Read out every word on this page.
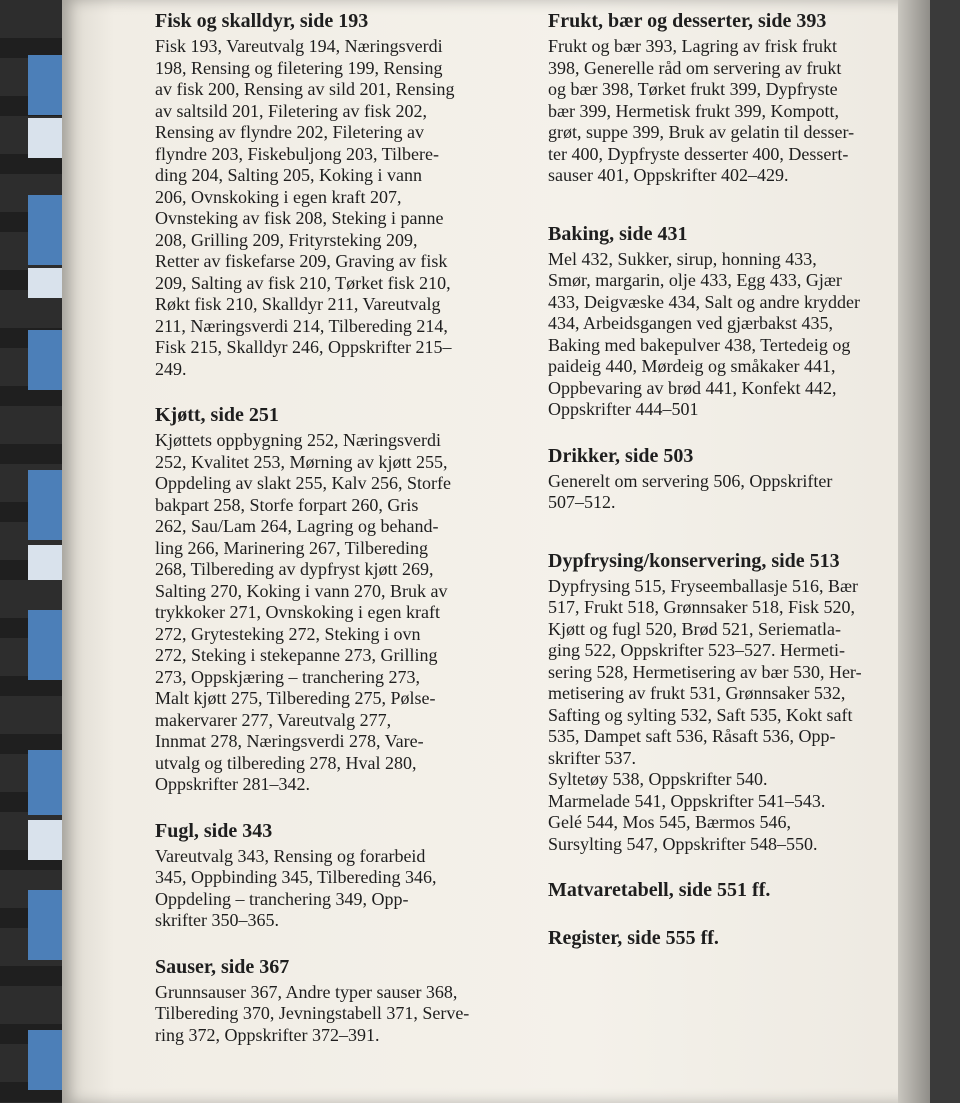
Fisk og skalldyr, side 193

Fisk 193, Vareutvalg 194, Næringsverdi
198, Rensing og filetering 199, Rensing
av fisk 200, Rensing av sild 201, Rensing
av saltsild 201, Filetering av fisk 202,
Rensing av flyndre 202, Filetering av
flyndre 203, Fiskebuljong 203, Tilbere-
ding 204, Salting 205, Koking i vann
206, Ovnskoking i egen kraft 207,
Ovnsteking av fisk 208, Steking i panne
208, Grilling 209, Frityrsteking 209,
Retter av fiskefarse 209, Graving av fisk
209, Salting av fisk 210, Tørket fisk 210,
Røkt fisk 210, Skalldyr 211, Vareutvalg
211, Næringsverdi 214, Tilbereding 214,
Fisk 215, Skalldyr 246, Oppskrifter 215–
249.

Kjøtt, side 251

Kjøttets oppbygning 252, Næringsverdi
252, Kvalitet 253, Mørning av kjøtt 255,
Oppdeling av slakt 255, Kalv 256, Storfe
bakpart 258, Storfe forpart 260, Gris
262, Sau/Lam 264, Lagring og behand-
ling 266, Marinering 267, Tilbereding
268, Tilbereding av dypfryst kjøtt 269,
Salting 270, Koking i vann 270, Bruk av
trykkoker 271, Ovnskoking i egen kraft
272, Grytesteking 272, Steking i ovn
272, Steking i stekepanne 273, Grilling
273, Oppskjæring – tranchering 273,
Malt kjøtt 275, Tilbereding 275, Pølse-
makervarer 277, Vareutvalg 277,
Innmat 278, Næringsverdi 278, Vare-
utvalg og tilbereding 278, Hval 280,
Oppskrifter 281–342.

Fugl, side 343

Vareutvalg 343, Rensing og forarbeid
345, Oppbinding 345, Tilbereding 346,
Oppdeling – tranchering 349, Opp-
skrifter 350–365.

Sauser, side 367

Grunnsauser 367, Andre typer sauser 368,
Tilbereding 370, Jevningstabell 371, Serve-
ring 372, Oppskrifter 372–391.

Frukt, bær og desserter, side 393

Frukt og bær 393, Lagring av frisk frukt
398, Generelle råd om servering av frukt
og bær 398, Tørket frukt 399, Dypfryste
bær 399, Hermetisk frukt 399, Kompott,
grøt, suppe 399, Bruk av gelatin til desser-
ter 400, Dypfryste desserter 400, Dessert-
sauser 401, Oppskrifter 402–429.

Baking, side 431

Mel 432, Sukker, sirup, honning 433,
Smør, margarin, olje 433, Egg 433, Gjær
433, Deigvæske 434, Salt og andre krydder
434, Arbeidsgangen ved gjærbakst 435,
Baking med bakepulver 438, Tertedeig og
paideig 440, Mørdeig og småkaker 441,
Oppbevaring av brød 441, Konfekt 442,
Oppskrifter 444–501

Drikker, side 503

Generelt om servering 506, Oppskrifter
507–512.

Dypfrysing/konservering, side 513

Dypfrysing 515, Fryseemballasje 516, Bær
517, Frukt 518, Grønnsaker 518, Fisk 520,
Kjøtt og fugl 520, Brød 521, Seriematla-
ging 522, Oppskrifter 523–527. Hermeti-
sering 528, Hermetisering av bær 530, Her-
metisering av frukt 531, Grønnsaker 532,
Safting og sylting 532, Saft 535, Kokt saft
535, Dampet saft 536, Råsaft 536, Opp-
skrifter 537.

Syltetøy 538, Oppskrifter 540.
Marmelade 541, Oppskrifter 541–543.
Gelé 544, Mos 545, Bærmos 546,
Sursylting 547, Oppskrifter 548–550.

Matvaretabell, side 551 ff.
Register, side 555 ff.
